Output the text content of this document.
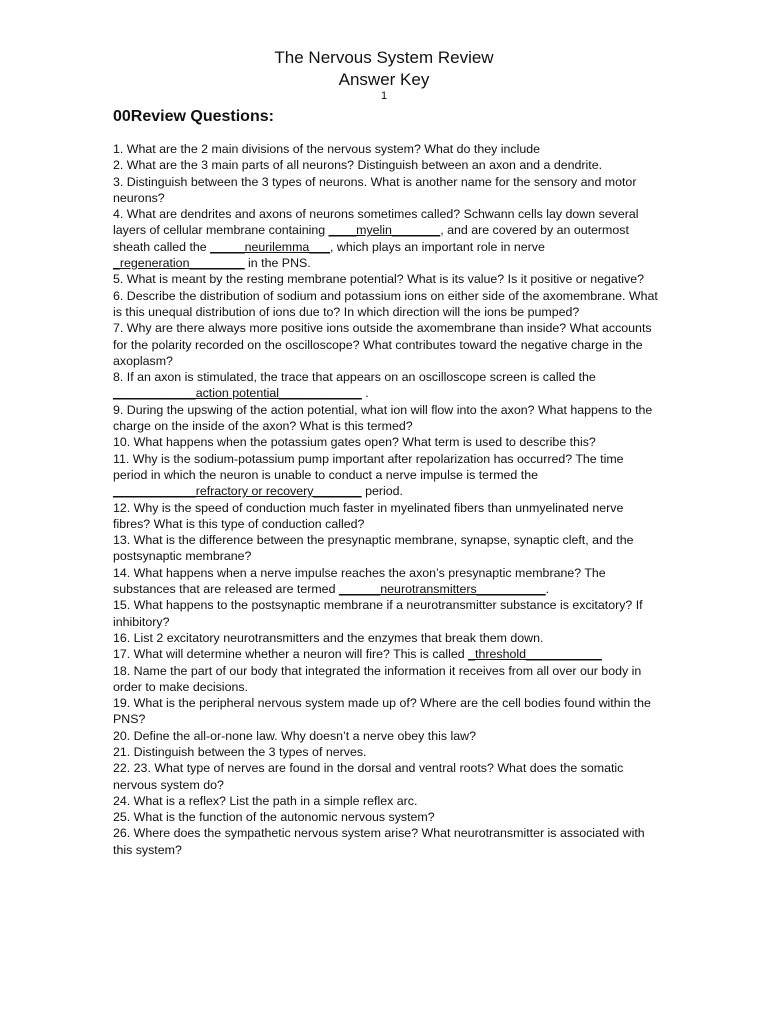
The Nervous System Review
Answer Key
1
00Review Questions:

1. What are the 2 main divisions of the nervous system? What do they include

2. What are the 3 main parts of all neurons? Distinguish between an axon and a dendrite.

3. Distinguish between the 3 types of neurons. What is another name for the sensory and motor neurons?

4. What are dendrites and axons of neurons sometimes called? Schwann cells lay down several layers of cellular membrane containing ____myelin_______, and are covered by an outermost sheath called the _____neurilemma___, which plays an important role in nerve _regeneration________ in the PNS.

5. What is meant by the resting membrane potential? What is its value? Is it positive or negative?

6. Describe the distribution of sodium and potassium ions on either side of the axomembrane. What is this unequal distribution of ions due to? In which direction will the ions be pumped?

7. Why are there always more positive ions outside the axomembrane than inside? What accounts for the polarity recorded on the oscilloscope? What contributes toward the negative charge in the axoplasm?

8. If an axon is stimulated, the trace that appears on an oscilloscope screen is called the ____________action potential____________ .

9. During the upswing of the action potential, what ion will flow into the axon? What happens to the charge on the inside of the axon? What is this termed?

10. What happens when the potassium gates open? What term is used to describe this?

11. Why is the sodium-potassium pump important after repolarization has occurred? The time period in which the neuron is unable to conduct a nerve impulse is termed the ____________refractory or recovery_______ period.

12. Why is the speed of conduction much faster in myelinated fibers than unmyelinated nerve fibres? What is this type of conduction called?

13. What is the difference between the presynaptic membrane, synapse, synaptic cleft, and the postsynaptic membrane?

14. What happens when a nerve impulse reaches the axon’s presynaptic membrane? The substances that are released are termed ______neurotransmitters__________.

15. What happens to the postsynaptic membrane if a neurotransmitter substance is excitatory? If inhibitory?

16. List 2 excitatory neurotransmitters and the enzymes that break them down.

17. What will determine whether a neuron will fire? This is called _threshold___________

18. Name the part of our body that integrated the information it receives from all over our body in order to make decisions.

19. What is the peripheral nervous system made up of? Where are the cell bodies found within the PNS?

20. Define the all-or-none law. Why doesn’t a nerve obey this law?

21. Distinguish between the 3 types of nerves.

22. 23. What type of nerves are found in the dorsal and ventral roots? What does the somatic nervous system do?

24. What is a reflex? List the path in a simple reflex arc.

25. What is the function of the autonomic nervous system?

26. Where does the sympathetic nervous system arise? What neurotransmitter is associated with this system?
